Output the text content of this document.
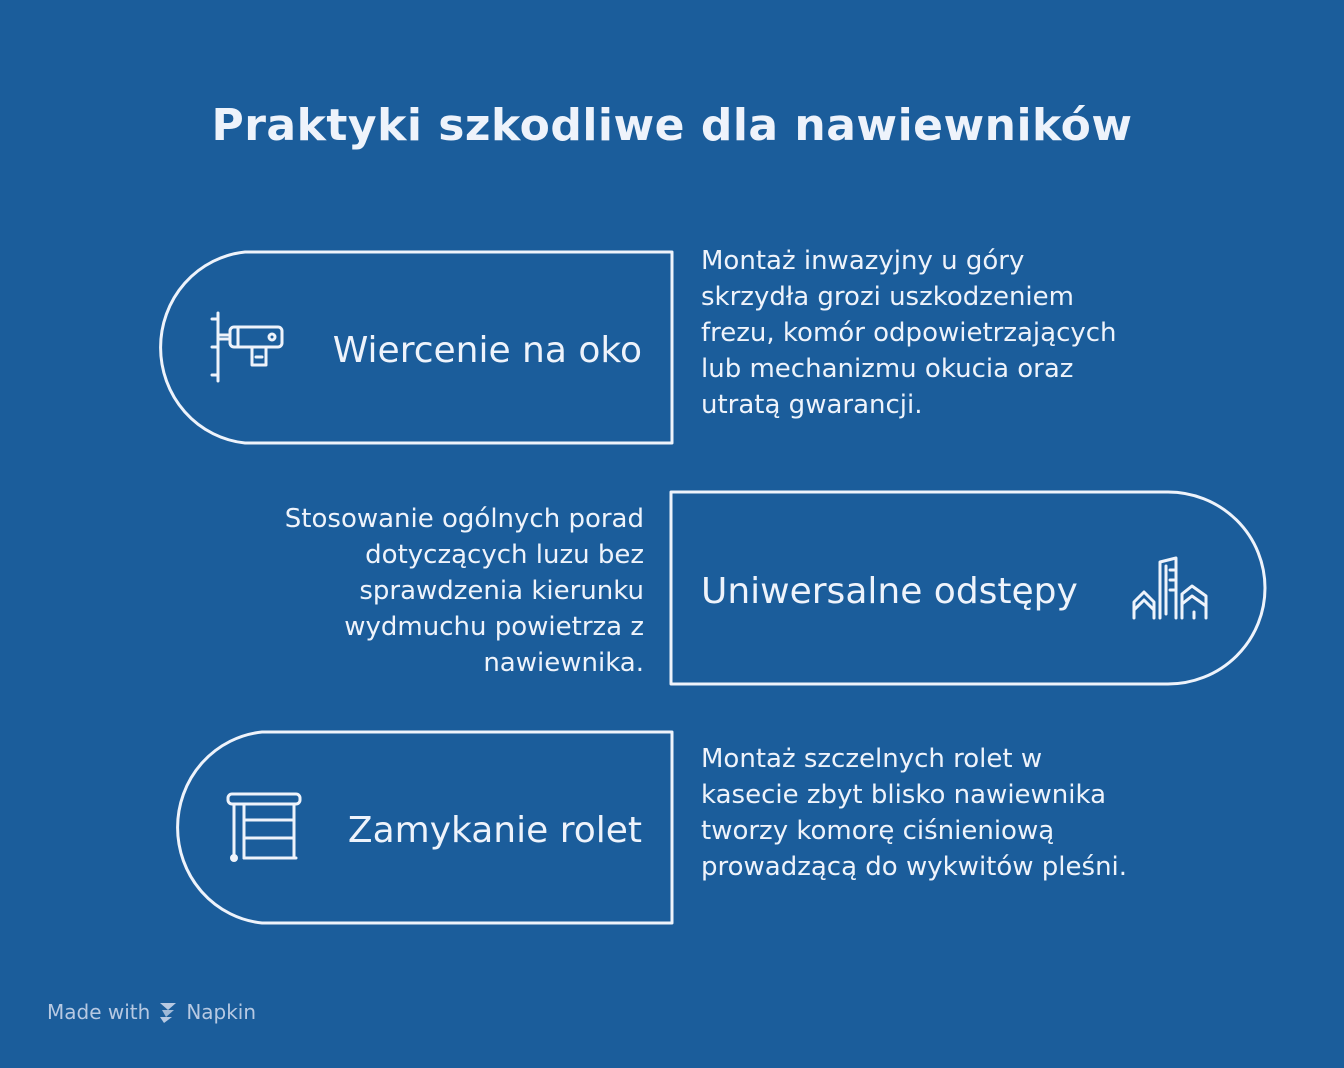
Praktyki szkodliwe dla nawiewników
Wiercenie na oko
Montaż inwazyjny u góry skrzydła grozi uszkodzeniem frezu, komór odpowietrzających lub mechanizmu okucia oraz utratą gwarancji.
Stosowanie ogólnych porad dotyczących luzu bez sprawdzenia kierunku wydmuchu powietrza z nawiewnika.
Uniwersalne odstępy
Zamykanie rolet
Montaż szczelnych rolet w kasecie zbyt blisko nawiewnika tworzy komorę ciśnieniową prowadzącą do wykwitów pleśni.
Made with Napkin
